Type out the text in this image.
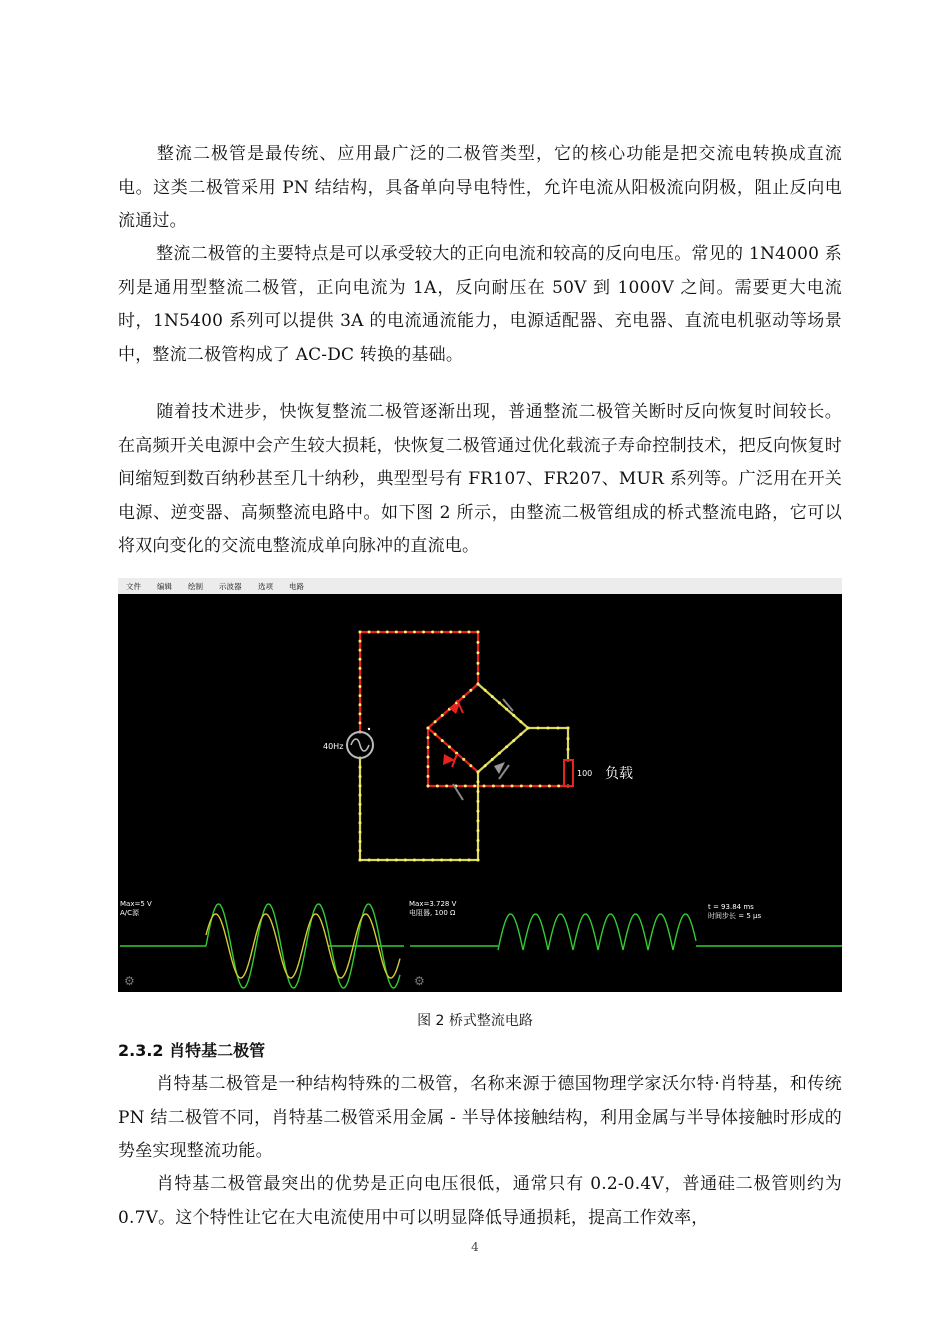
整流二极管是最传统、应用最广泛的二极管类型，它的核心功能是把交流电转换成直流电。这类二极管采用 PN 结结构，具备单向导电特性，允许电流从阳极流向阴极，阻止反向电流通过。
整流二极管的主要特点是可以承受较大的正向电流和较高的反向电压。常见的 1N4000 系列是通用型整流二极管，正向电流为 1A，反向耐压在 50V 到 1000V 之间。需要更大电流时，1N5400 系列可以提供 3A 的电流通流能力，电源适配器、充电器、直流电机驱动等场景中，整流二极管构成了 AC-DC 转换的基础。
随着技术进步，快恢复整流二极管逐渐出现，普通整流二极管关断时反向恢复时间较长。在高频开关电源中会产生较大损耗，快恢复二极管通过优化载流子寿命控制技术，把反向恢复时间缩短到数百纳秒甚至几十纳秒，典型型号有 FR107、FR207、MUR 系列等。广泛用在开关电源、逆变器、高频整流电路中。如下图 2 所示，由整流二极管组成的桥式整流电路，它可以将双向变化的交流电整流成单向脉冲的直流电。
文件 编辑 绘制 示波器 选项 电路
40Hz
100 负载
Max=5 V
A/C源
Max=3.728 V
电阻器, 100 Ω
t = 93.84 ms
时间步长 = 5 µs
⚙	⚙
图 2 桥式整流电路
2.3.2 肖特基二极管
肖特基二极管是一种结构特殊的二极管，名称来源于德国物理学家沃尔特·肖特基，和传统 PN 结二极管不同，肖特基二极管采用金属 - 半导体接触结构，利用金属与半导体接触时形成的势垒实现整流功能。
肖特基二极管最突出的优势是正向电压很低，通常只有 0.2-0.4V，普通硅二极管则约为 0.7V。这个特性让它在大电流使用中可以明显降低导通损耗，提高工作效率，
4
